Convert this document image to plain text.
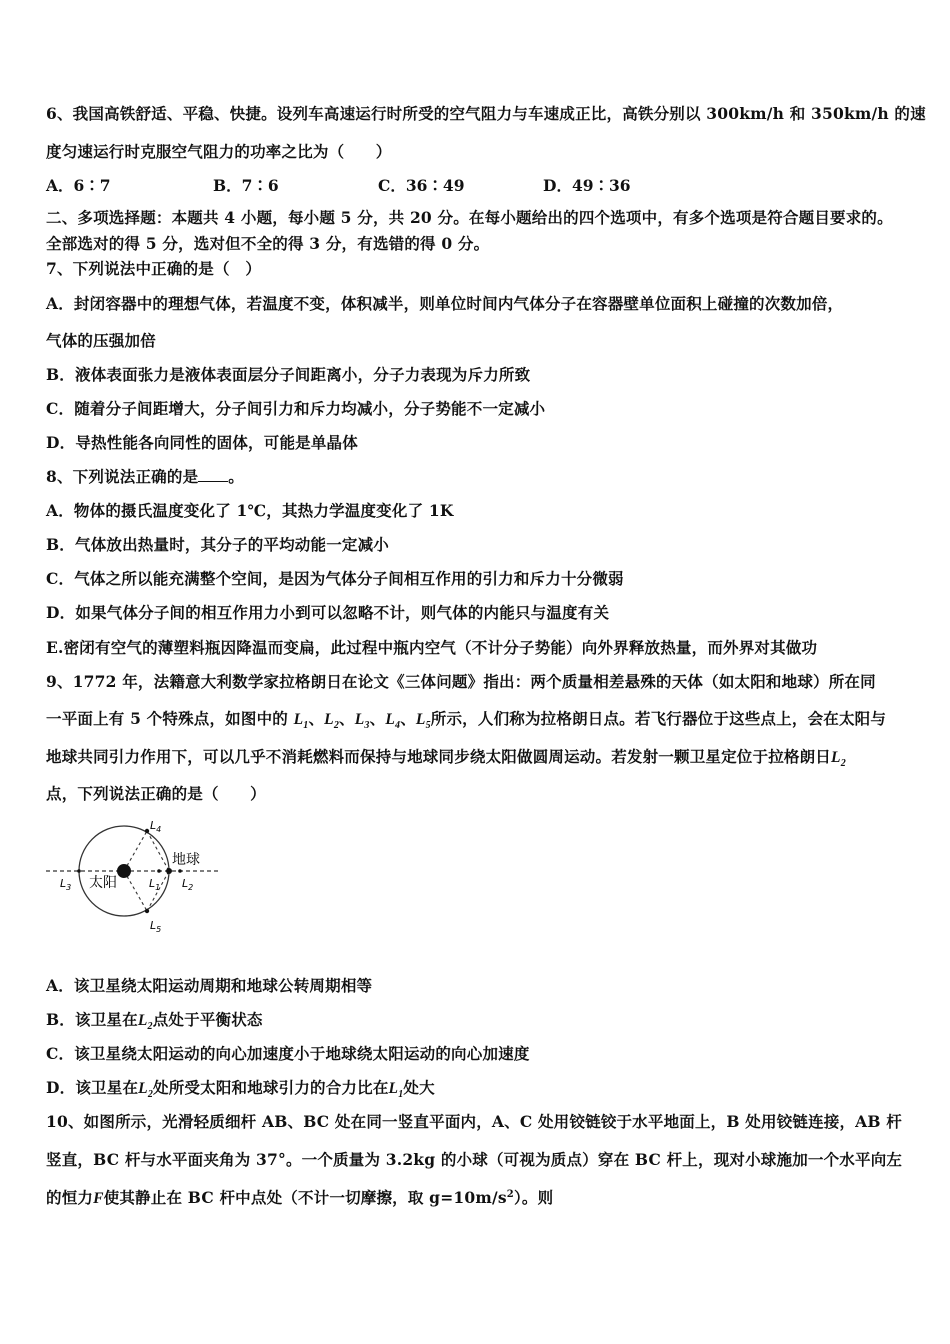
6、我国高铁舒适、平稳、快捷。设列车高速运行时所受的空气阻力与车速成正比，高铁分别以 300km/h 和 350km/h 的速
度匀速运行时克服空气阻力的功率之比为（　　）
A．6∶7	B．7∶6	C．36∶49	D．49∶36
二、多项选择题：本题共 4 小题，每小题 5 分，共 20 分。在每小题给出的四个选项中，有多个选项是符合题目要求的。
全部选对的得 5 分，选对但不全的得 3 分，有选错的得 0 分。
7、下列说法中正确的是（　）
A．封闭容器中的理想气体，若温度不变，体积减半，则单位时间内气体分子在容器壁单位面积上碰撞的次数加倍，
气体的压强加倍
B．液体表面张力是液体表面层分子间距离小，分子力表现为斥力所致
C．随着分子间距增大，分子间引力和斥力均减小，分子势能不一定减小
D．导热性能各向同性的固体，可能是单晶体
8、下列说法正确的是 。
A．物体的摄氏温度变化了 1℃，其热力学温度变化了 1K
B．气体放出热量时，其分子的平均动能一定减小
C．气体之所以能充满整个空间，是因为气体分子间相互作用的引力和斥力十分微弱
D．如果气体分子间的相互作用力小到可以忽略不计，则气体的内能只与温度有关
E.密闭有空气的薄塑料瓶因降温而变扁，此过程中瓶内空气（不计分子势能）向外界释放热量，而外界对其做功
9、1772 年，法籍意大利数学家拉格朗日在论文《三体问题》指出：两个质量相差悬殊的天体（如太阳和地球）所在同
一平面上有 5 个特殊点，如图中的 $L_1$、$L_2$、$L_3$、$L_4$、$L_5$所示，人们称为拉格朗日点。若飞行器位于这些点上，会在太阳与
地球共同引力作用下，可以几乎不消耗燃料而保持与地球同步绕太阳做圆周运动。若发射一颗卫星定位于拉格朗日$L_2$
点，下列说法正确的是（　　）
太阳
地球
$L_4$
$L_5$
$L_1$ $L_2$
$L_3$
A．该卫星绕太阳运动周期和地球公转周期相等
B．该卫星在$L_2$点处于平衡状态
C．该卫星绕太阳运动的向心加速度小于地球绕太阳运动的向心加速度
D．该卫星在$L_2$处所受太阳和地球引力的合力比在$L_1$处大
10、如图所示，光滑轻质细杆 AB、BC 处在同一竖直平面内，A、C 处用铰链铰于水平地面上，B 处用铰链连接，AB 杆
竖直，BC 杆与水平面夹角为 37°。一个质量为 3.2kg 的小球（可视为质点）穿在 BC 杆上，现对小球施加一个水平向左
的恒力F使其静止在 BC 杆中点处（不计一切摩擦，取 $g=10m/s^2$）。则
